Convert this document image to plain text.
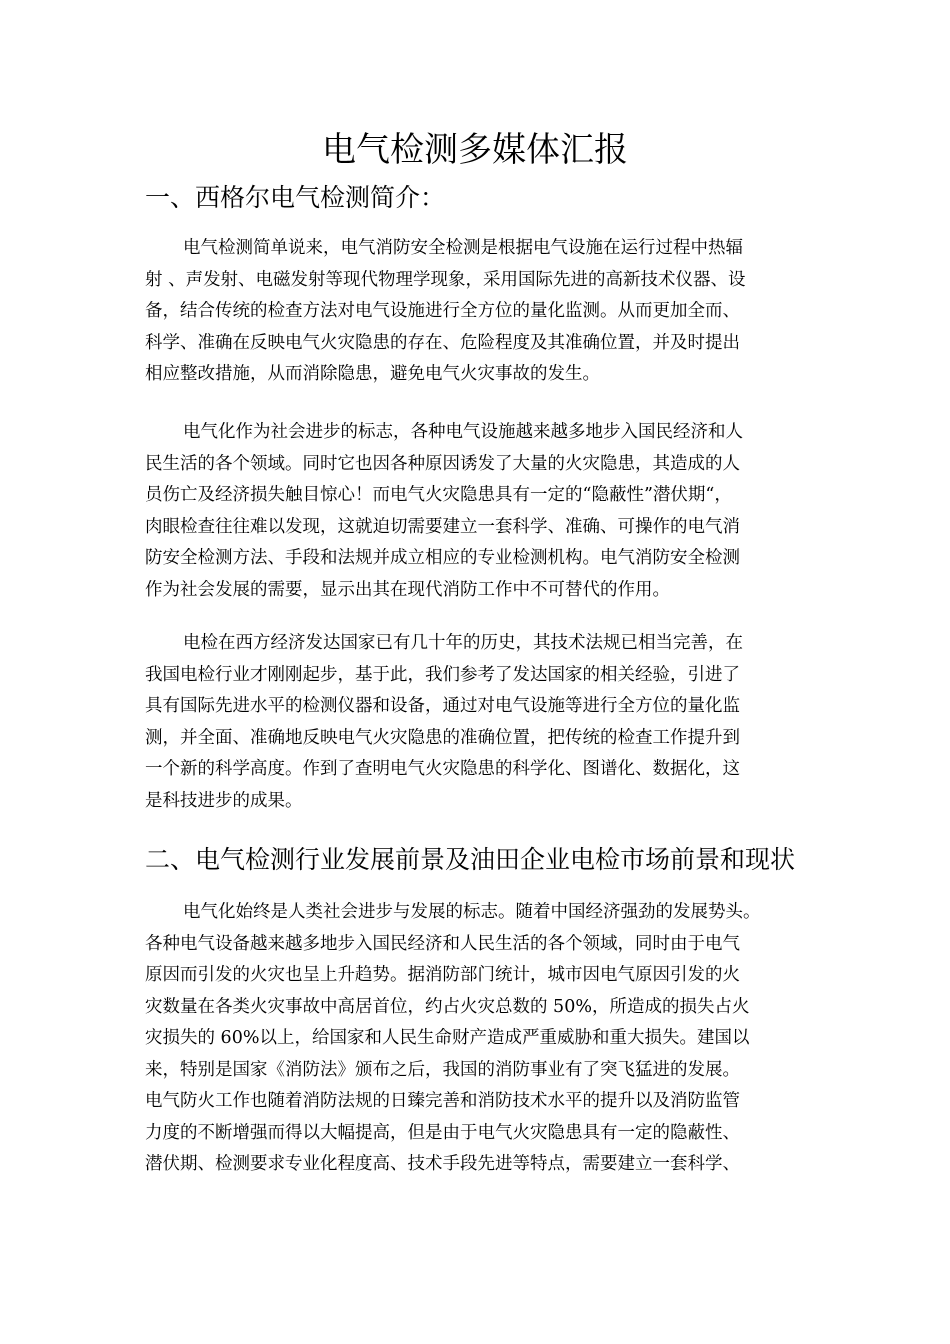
电气检测多媒体汇报
一、西格尔电气检测简介：
电气检测简单说来，电气消防安全检测是根据电气设施在运行过程中热辐
射 、声发射、电磁发射等现代物理学现象，采用国际先进的高新技术仪器、设
备，结合传统的检查方法对电气设施进行全方位的量化监测。从而更加全而、
科学、准确在反映电气火灾隐患的存在、危险程度及其准确位置，并及时提出
相应整改措施，从而消除隐患，避免电气火灾事故的发生。
电气化作为社会进步的标志，各种电气设施越来越多地步入国民经济和人
民生活的各个领域。同时它也因各种原因诱发了大量的火灾隐患，其造成的人
员伤亡及经济损失触目惊心！而电气火灾隐患具有一定的“隐蔽性”潜伏期“，
肉眼检查往往难以发现，这就迫切需要建立一套科学、准确、可操作的电气消
防安全检测方法、手段和法规并成立相应的专业检测机构。电气消防安全检测
作为社会发展的需要，显示出其在现代消防工作中不可替代的作用。
电检在西方经济发达国家已有几十年的历史，其技术法规已相当完善，在
我国电检行业才刚刚起步，基于此，我们参考了发达国家的相关经验，引进了
具有国际先进水平的检测仪器和设备，通过对电气设施等进行全方位的量化监
测，并全面、准确地反映电气火灾隐患的准确位置，把传统的检查工作提升到
一个新的科学高度。作到了查明电气火灾隐患的科学化、图谱化、数据化，这
是科技进步的成果。
二、电气检测行业发展前景及油田企业电检市场前景和现状
电气化始终是人类社会进步与发展的标志。随着中国经济强劲的发展势头。
各种电气设备越来越多地步入国民经济和人民生活的各个领域，同时由于电气
原因而引发的火灾也呈上升趋势。据消防部门统计，城市因电气原因引发的火
灾数量在各类火灾事故中高居首位，约占火灾总数的 50%，所造成的损失占火
灾损失的 60%以上，给国家和人民生命财产造成严重威胁和重大损失。建国以
来，特别是国家《消防法》颁布之后，我国的消防事业有了突飞猛进的发展。
电气防火工作也随着消防法规的日臻完善和消防技术水平的提升以及消防监管
力度的不断增强而得以大幅提高，但是由于电气火灾隐患具有一定的隐蔽性、
潜伏期、检测要求专业化程度高、技术手段先进等特点，需要建立一套科学、
